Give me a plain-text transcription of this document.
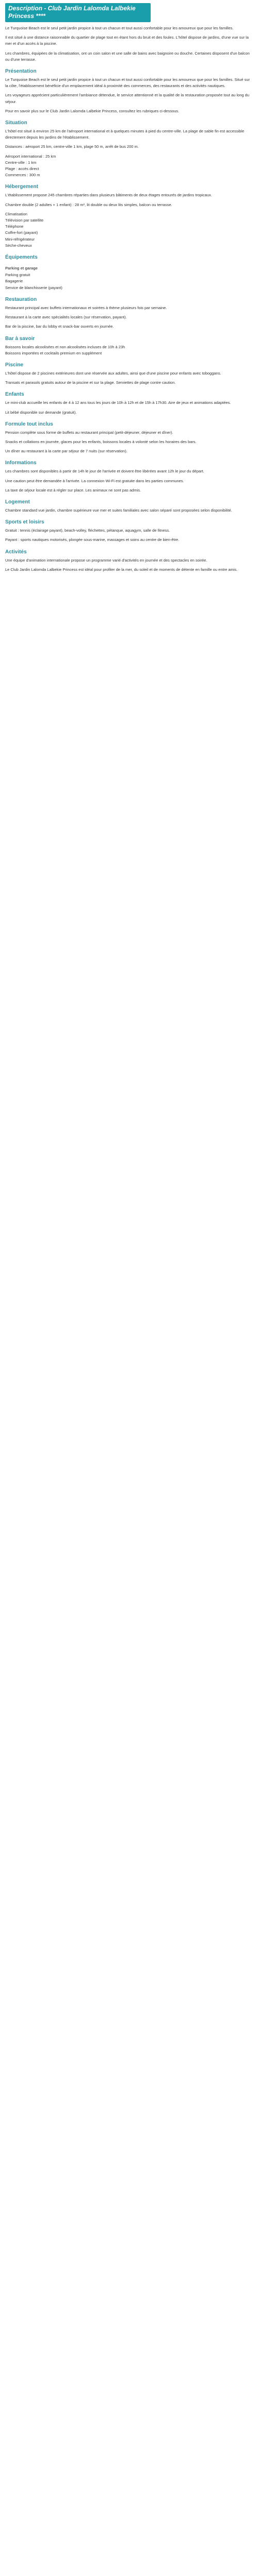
Description - Club Jardin Lalomda Lalbekie Princess ****

Le Turquoise Beach est le seul petit jardin propice à tout un chacun et tout aussi confortable pour les amoureux que pour les familles.

Il est situé à une distance raisonnable du quartier de plage tout en étant hors du bruit et des foules. L'hôtel dispose de jardins, d'une vue sur la mer et d'un accès à la piscine.

Les chambres, équipées de la climatisation, ont un coin salon et une salle de bains avec baignoire ou douche. Certaines disposent d'un balcon ou d'une terrasse.

Présentation

Le Turquoise Beach est le seul petit jardin propice à tout un chacun et tout aussi confortable pour les amoureux que pour les familles. Situé sur la côte, l'établissement bénéficie d'un emplacement idéal à proximité des commerces, des restaurants et des activités nautiques.

Les voyageurs apprécient particulièrement l'ambiance détendue, le service attentionné et la qualité de la restauration proposée tout au long du séjour.

Pour en savoir plus sur le Club Jardin Lalomda Lalbekie Princess, consultez les rubriques ci-dessous.

Situation

L'hôtel est situé à environ 25 km de l'aéroport international et à quelques minutes à pied du centre-ville. La plage de sable fin est accessible directement depuis les jardins de l'établissement.

Distances : aéroport 25 km, centre-ville 1 km, plage 50 m, arrêt de bus 200 m.

Aéroport international : 25 km
Centre-ville : 1 km
Plage : accès direct
Commerces : 300 m
Hébergement

L'établissement propose 245 chambres réparties dans plusieurs bâtiments de deux étages entourés de jardins tropicaux.

Chambre double (2 adultes + 1 enfant) : 28 m², lit double ou deux lits simples, balcon ou terrasse.

Climatisation
Télévision par satellite
Téléphone
Coffre-fort (payant)
Mini-réfrigérateur
Sèche-cheveux
Équipements
Parking et garage
Parking gratuit
Bagagerie
Service de blanchisserie (payant)
Restauration

Restaurant principal avec buffets internationaux et soirées à thème plusieurs fois par semaine.

Restaurant à la carte avec spécialités locales (sur réservation, payant).

Bar de la piscine, bar du lobby et snack-bar ouverts en journée.

Bar à savoir
Boissons locales alcoolisées et non alcoolisées incluses de 10h à 23h
Boissons importées et cocktails premium en supplément
Piscine

L'hôtel dispose de 2 piscines extérieures dont une réservée aux adultes, ainsi que d'une piscine pour enfants avec toboggans.

Transats et parasols gratuits autour de la piscine et sur la plage. Serviettes de plage contre caution.

Enfants

Le mini-club accueille les enfants de 4 à 12 ans tous les jours de 10h à 12h et de 15h à 17h30. Aire de jeux et animations adaptées.

Lit bébé disponible sur demande (gratuit).

Formule tout inclus

Pension complète sous forme de buffets au restaurant principal (petit-déjeuner, déjeuner et dîner).

Snacks et collations en journée, glaces pour les enfants, boissons locales à volonté selon les horaires des bars.

Un dîner au restaurant à la carte par séjour de 7 nuits (sur réservation).

Informations

Les chambres sont disponibles à partir de 14h le jour de l'arrivée et doivent être libérées avant 12h le jour du départ.

Une caution peut être demandée à l'arrivée. La connexion Wi-Fi est gratuite dans les parties communes.

La taxe de séjour locale est à régler sur place. Les animaux ne sont pas admis.

Logement

Chambre standard vue jardin, chambre supérieure vue mer et suites familiales avec salon séparé sont proposées selon disponibilité.

Sports et loisirs

Gratuit : tennis (éclairage payant), beach-volley, fléchettes, pétanque, aquagym, salle de fitness.

Payant : sports nautiques motorisés, plongée sous-marine, massages et soins au centre de bien-être.

Activités

Une équipe d'animation internationale propose un programme varié d'activités en journée et des spectacles en soirée.

Le Club Jardin Lalomda Lalbekie Princess est idéal pour profiter de la mer, du soleil et de moments de détente en famille ou entre amis.
